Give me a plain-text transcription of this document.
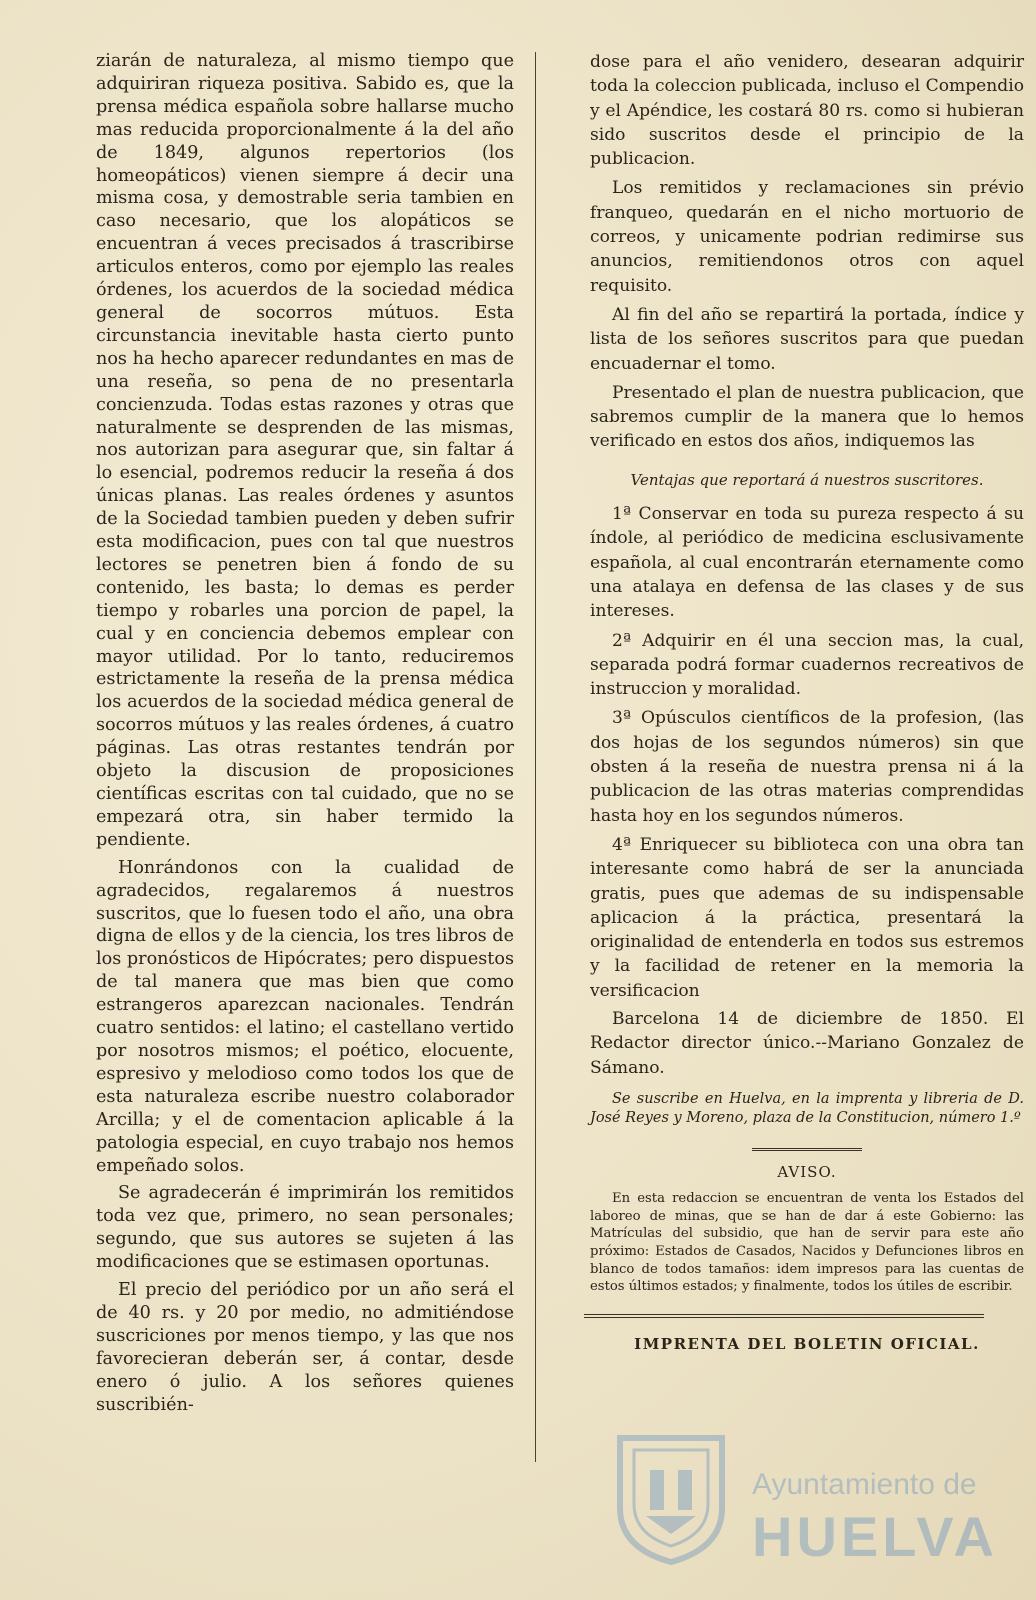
ziarán de naturaleza, al mismo tiempo que adquiriran riqueza positiva. Sabido es, que la prensa médica española sobre hallarse mucho mas reducida proporcionalmente á la del año de 1849, algunos repertorios (los homeopáticos) vienen siempre á decir una misma cosa, y demostrable seria tambien en caso necesario, que los alopáticos se encuentran á veces precisados á trascribirse articulos enteros, como por ejemplo las reales órdenes, los acuerdos de la sociedad médica general de socorros mútuos. Esta circunstancia inevitable hasta cierto punto nos ha hecho aparecer redundantes en mas de una reseña, so pena de no presentarla concienzuda. Todas estas razones y otras que naturalmente se desprenden de las mismas, nos autorizan para asegurar que, sin faltar á lo esencial, podremos reducir la reseña á dos únicas planas. Las reales órdenes y asuntos de la Sociedad tambien pueden y deben sufrir esta modificacion, pues con tal que nuestros lectores se penetren bien á fondo de su contenido, les basta; lo demas es perder tiempo y robarles una porcion de papel, la cual y en conciencia debemos emplear con mayor utilidad. Por lo tanto, reduciremos estrictamente la reseña de la prensa médica los acuerdos de la sociedad médica general de socorros mútuos y las reales órdenes, á cuatro páginas. Las otras restantes tendrán por objeto la discusion de proposiciones científicas escritas con tal cuidado, que no se empezará otra, sin haber termido la pendiente.

Honrándonos con la cualidad de agradecidos, regalaremos á nuestros suscritos, que lo fuesen todo el año, una obra digna de ellos y de la ciencia, los tres libros de los pronósticos de Hipócrates; pero dispuestos de tal manera que mas bien que como estrangeros aparezcan nacionales. Tendrán cuatro sentidos: el latino; el castellano vertido por nosotros mismos; el poético, elocuente, espresivo y melodioso como todos los que de esta naturaleza escribe nuestro colaborador Arcilla; y el de comentacion aplicable á la patologia especial, en cuyo trabajo nos hemos empeñado solos.

Se agradecerán é imprimirán los remitidos toda vez que, primero, no sean personales; segundo, que sus autores se sujeten á las modificaciones que se estimasen oportunas.

El precio del periódico por un año será el de 40 rs. y 20 por medio, no admitiéndose suscriciones por menos tiempo, y las que nos favorecieran deberán ser, á contar, desde enero ó julio. A los señores quienes suscribién-

dose para el año venidero, desearan adquirir toda la coleccion publicada, incluso el Compendio y el Apéndice, les costará 80 rs. como si hubieran sido suscritos desde el principio de la publicacion.

Los remitidos y reclamaciones sin prévio franqueo, quedarán en el nicho mortuorio de correos, y unicamente podrian redimirse sus anuncios, remitiendonos otros con aquel requisito.

Al fin del año se repartirá la portada, índice y lista de los señores suscritos para que puedan encuadernar el tomo.

Presentado el plan de nuestra publicacion, que sabremos cumplir de la manera que lo hemos verificado en estos dos años, indiquemos las

Ventajas que reportará á nuestros suscritores.

1ª Conservar en toda su pureza respecto á su índole, al periódico de medicina esclusivamente española, al cual encontrarán eternamente como una atalaya en defensa de las clases y de sus intereses.

2ª Adquirir en él una seccion mas, la cual, separada podrá formar cuadernos recreativos de instruccion y moralidad.

3ª Opúsculos científicos de la profesion, (las dos hojas de los segundos números) sin que obsten á la reseña de nuestra prensa ni á la publicacion de las otras materias comprendidas hasta hoy en los segundos números.

4ª Enriquecer su biblioteca con una obra tan interesante como habrá de ser la anunciada gratis, pues que ademas de su indispensable aplicacion á la práctica, presentará la originalidad de entenderla en todos sus estremos y la facilidad de retener en la memoria la versificacion

Barcelona 14 de diciembre de 1850. El Redactor director único.--Mariano Gonzalez de Sámano.

Se suscribe en Huelva, en la imprenta y libreria de D. José Reyes y Moreno, plaza de la Constitucion, número 1.º

AVISO.

En esta redaccion se encuentran de venta los Estados del laboreo de minas, que se han de dar á este Gobierno: las Matrículas del subsidio, que han de servir para este año próximo: Estados de Casados, Nacidos y Defunciones libros en blanco de todos tamaños: idem impresos para las cuentas de estos últimos estados; y finalmente, todos los útiles de escribir.

IMPRENTA DEL BOLETIN OFICIAL.

Ayuntamiento de
HUELVA
